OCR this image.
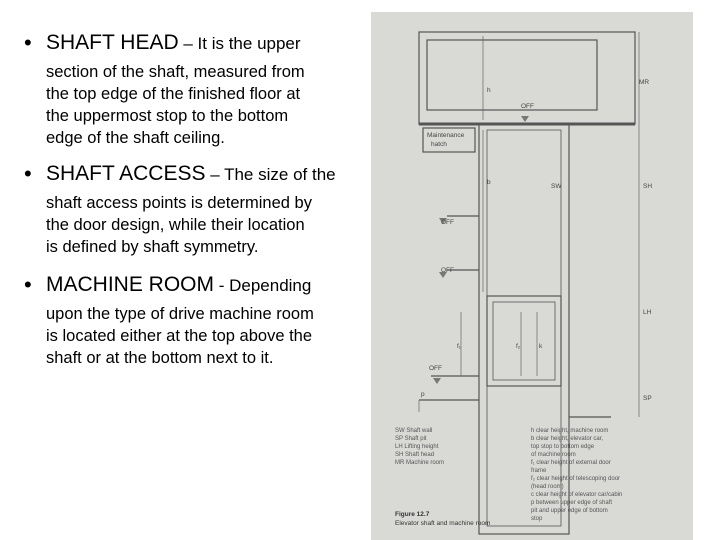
• SHAFT HEAD – It is the upper
section of the shaft, measured from
the top edge of the finished floor at
the uppermost stop to the bottom
edge of the shaft ceiling.
• SHAFT ACCESS – The size of the
shaft access points is determined by
the door design, while their location
is defined by shaft symmetry.
• MACHINE ROOM - Depending
upon the type of drive machine room
is located either at the top above the
shaft or at the bottom next to it.
MR
SH
LH
SP
h
b
SW
OFF
OFF
OFF
OFF
f₁	f₂	k
p
Maintenance
hatch
SW Shaft wall
SP Shaft pit
LH Lifting height
SH Shaft head
MR Machine room
h clear height, machine room
b clear height, elevator car,
top stop to bottom edge
of machine room
f₁ clear height of external door
frame
f₂ clear height of telescoping door
(head room)
c clear height of elevator car/cabin
p between upper edge of shaft
pit and upper edge of bottom
stop
Figure 12.7
Elevator shaft and machine room
